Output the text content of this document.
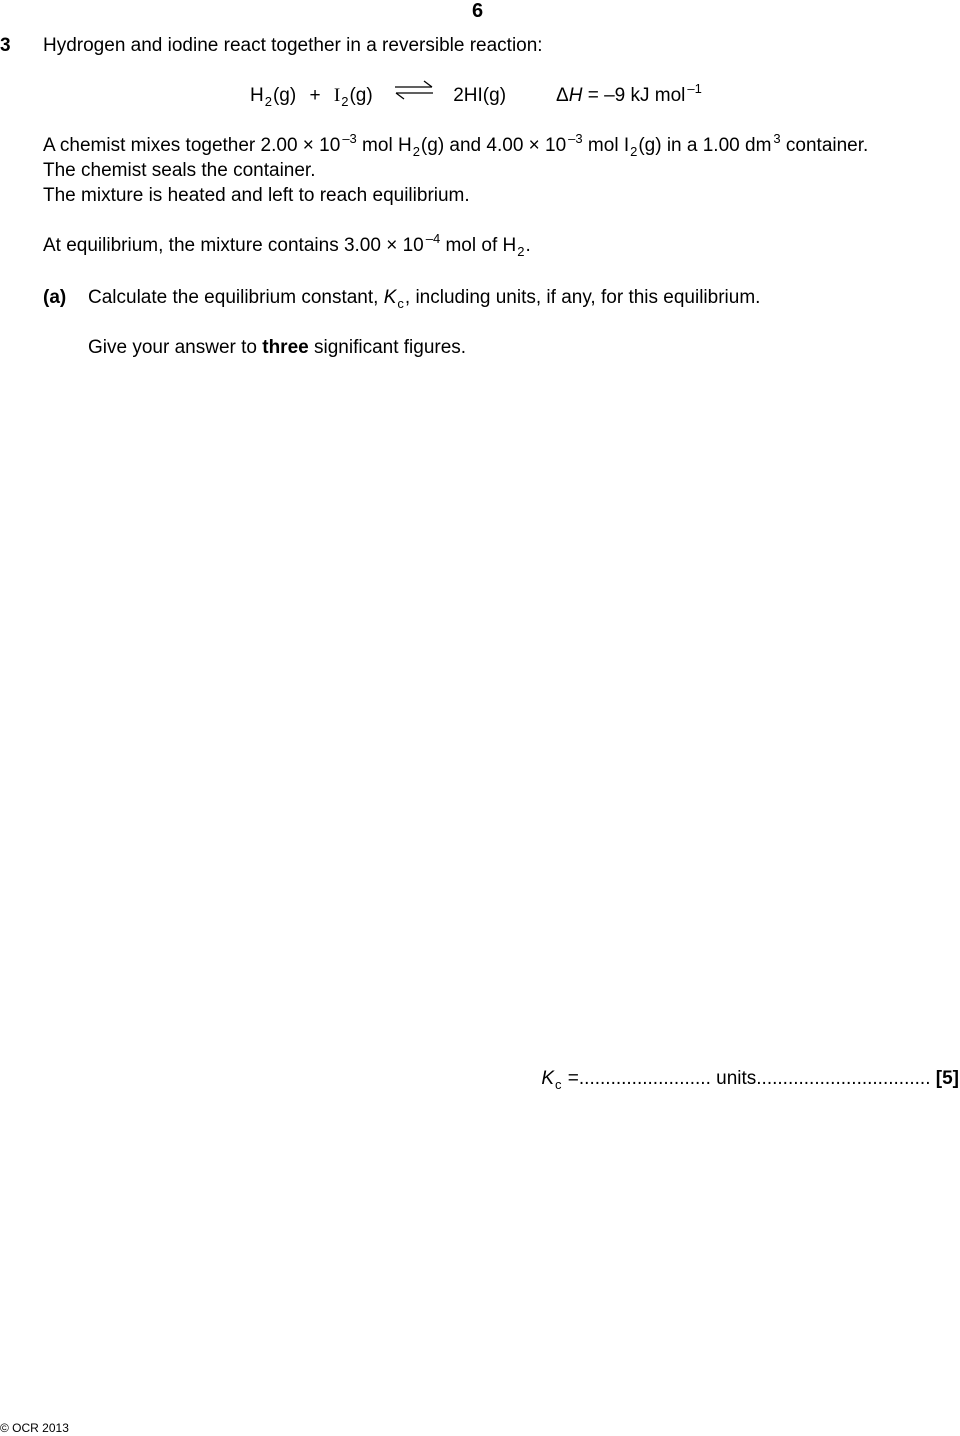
6
3 Hydrogen and iodine react together in a reversible reaction:
$H_2(g) + I_2(g)$ ⇌ 2HI(g)	ΔH = –9 kJ mol $^{-1}$
A chemist mixes together 2.00 × 10 $^{-3}$ mol $H_2(g)$ and 4.00 × 10 $^{-3}$ mol $I_2(g)$ in a 1.00 dm $^3$ container.
The chemist seals the container.
The mixture is heated and left to reach equilibrium.
At equilibrium, the mixture contains 3.00 × 10 $^{-4}$ mol of $H_2$.
(a) Calculate the equilibrium constant, $K_c$, including units, if any, for this equilibrium.
Give your answer to three significant figures.
$K_c$ =......................... units................................. [5]
© OCR 2013
